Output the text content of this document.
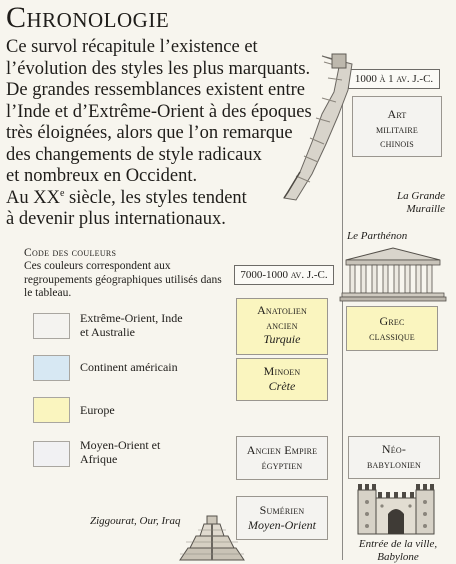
Chronologie
Ce survol récapitule l’existence et
l’évolution des styles les plus marquants.
De grandes ressemblances existent entre
l’Inde et d’Extrême-Orient à des époques
très éloignées, alors que l’on remarque
des changements de style radicaux
et nombreux en Occident.
Au XXe siècle, les styles tendent
à devenir plus internationaux.
Code des couleurs
Ces couleurs correspondent aux regroupements géographiques utilisés dans le tableau.
Extrême-Orient, Inde et Australie
Continent américain
Europe
Moyen-Orient et Afrique
1000 à 1 av. J.-C.
7000-1000 av. J.-C.
Art
militaire
chinois
Grec
classique
Anatolien
ancien
Turquie
Minoen
Crète
Ancien Empire
égyptien
Néo-
babylonien
Sumérien
Moyen-Orient
La Grande
Muraille
Le Parthénon
Ziggourat, Our, Iraq
Entrée de la ville,
Babylone
